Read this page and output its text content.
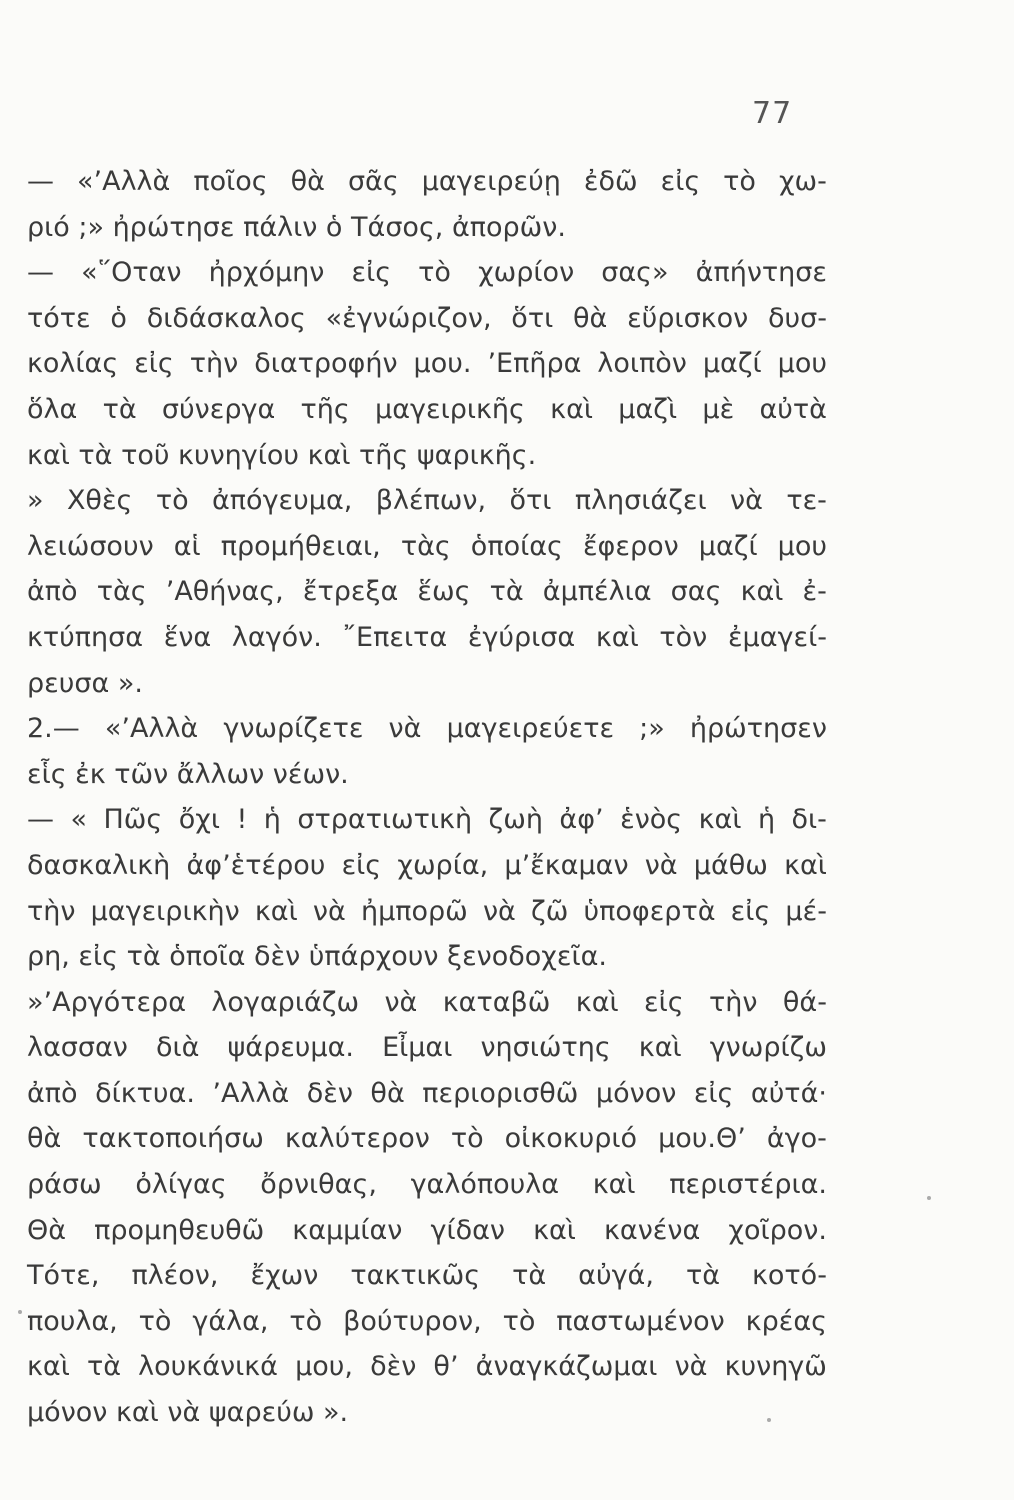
77
— «’Αλλὰ ποῖος θὰ σᾶς μαγειρεύῃ ἐδῶ εἰς τὸ χω-
ριό ;» ἠρώτησε πάλιν ὁ Τάσος, ἀπορῶν.
— «῞Οταν ἠρχόμην εἰς τὸ χωρίον σας» ἀπήντησε
τότε ὁ διδάσκαλος «ἐγνώριζον, ὅτι θὰ εὕρισκον δυσ-
κολίας εἰς τὴν διατροφήν μου. ’Επῆρα λοιπὸν μαζί μου
ὅλα τὰ σύνεργα τῆς μαγειρικῆς καὶ μαζὶ μὲ αὐτὰ
καὶ τὰ τοῦ κυνηγίου καὶ τῆς ψαρικῆς.
» Χθὲς τὸ ἀπόγευμα, βλέπων, ὅτι πλησιάζει νὰ τε-
λειώσουν αἱ προμήθειαι, τὰς ὁποίας ἔφερον μαζί μου
ἀπὸ τὰς ’Αθήνας, ἔτρεξα ἕως τὰ ἀμπέλια σας καὶ ἐ-
κτύπησα ἕνα λαγόν. ῎Επειτα ἐγύρισα καὶ τὸν ἐμαγεί-
ρευσα ».
2.— «’Αλλὰ γνωρίζετε νὰ μαγειρεύετε ;» ἠρώτησεν
εἷς ἐκ τῶν ἄλλων νέων.
— « Πῶς ὄχι ! ἡ στρατιωτικὴ ζωὴ ἀφ’ ἑνὸς καὶ ἡ δι-
δασκαλικὴ ἀφ’ἑτέρου εἰς χωρία, μ’ἔκαμαν νὰ μάθω καὶ
τὴν μαγειρικὴν καὶ νὰ ἠμπορῶ νὰ ζῶ ὑποφερτὰ εἰς μέ-
ρη, εἰς τὰ ὁποῖα δὲν ὑπάρχουν ξενοδοχεῖα.
»’Αργότερα λογαριάζω νὰ καταβῶ καὶ εἰς τὴν θά-
λασσαν διὰ ψάρευμα. Εἶμαι νησιώτης καὶ γνωρίζω
ἀπὸ δίκτυα. ’Αλλὰ δὲν θὰ περιορισθῶ μόνον εἰς αὐτά·
θὰ τακτοποιήσω καλύτερον τὸ οἰκοκυριό μου.Θ’ ἀγο-
ράσω ὀλίγας ὄρνιθας, γαλόπουλα καὶ περιστέρια.
Θὰ προμηθευθῶ καμμίαν γίδαν καὶ κανένα χοῖρον.
Τότε, πλέον, ἔχων τακτικῶς τὰ αὐγά, τὰ κοτό-
πουλα, τὸ γάλα, τὸ βούτυρον, τὸ παστωμένον κρέας
καὶ τὰ λουκάνικά μου, δὲν θ’ ἀναγκάζωμαι νὰ κυνηγῶ
μόνον καὶ νὰ ψαρεύω ».
